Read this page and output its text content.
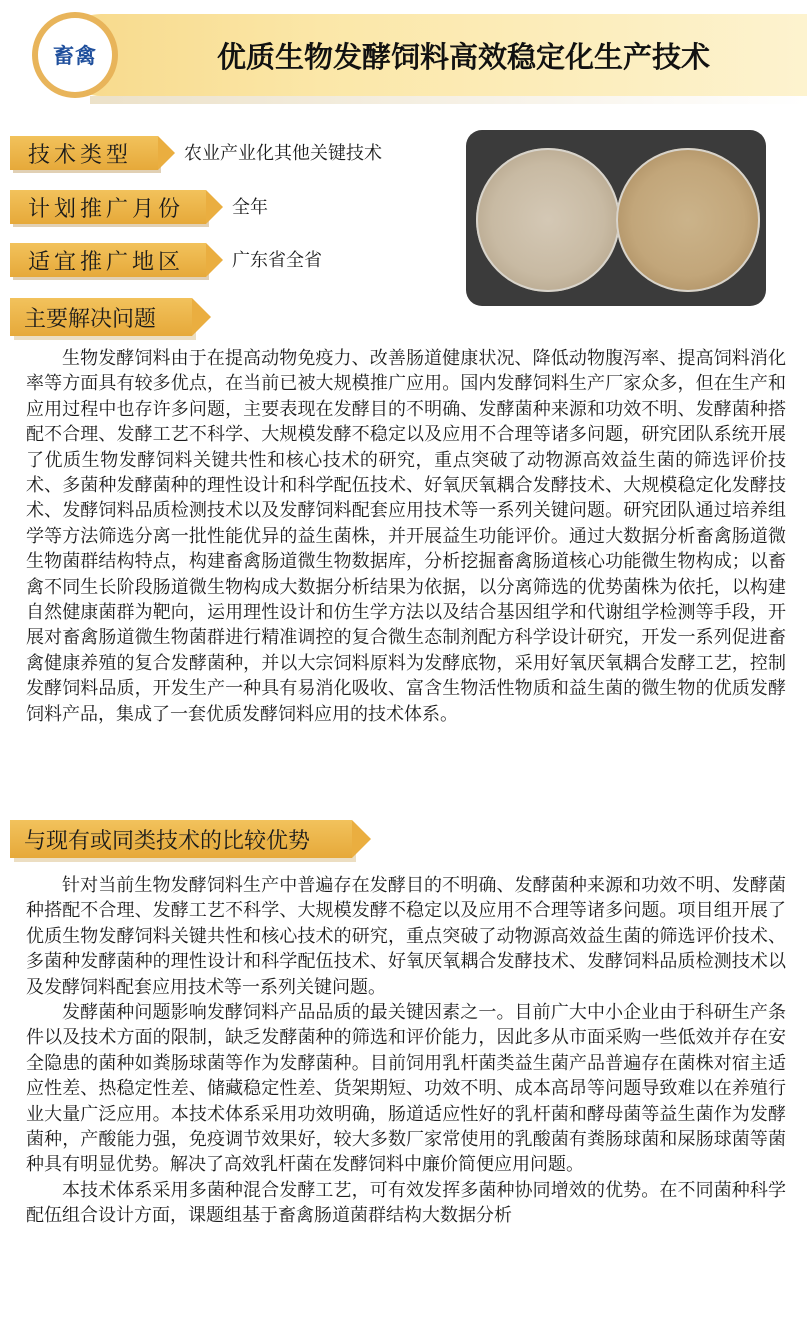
畜禽	优质生物发酵饲料高效稳定化生产技术
技术类型	农业产业化其他关键技术
计划推广月份	全年
适宜推广地区	广东省全省
主要解决问题

生物发酵饲料由于在提高动物免疫力、改善肠道健康状况、降低动物腹泻率、提高饲料消化率等方面具有较多优点，在当前已被大规模推广应用。国内发酵饲料生产厂家众多，但在生产和应用过程中也存许多问题，主要表现在发酵目的不明确、发酵菌种来源和功效不明、发酵菌种搭配不合理、发酵工艺不科学、大规模发酵不稳定以及应用不合理等诸多问题，研究团队系统开展了优质生物发酵饲料关键共性和核心技术的研究，重点突破了动物源高效益生菌的筛选评价技术、多菌种发酵菌种的理性设计和科学配伍技术、好氧厌氧耦合发酵技术、大规模稳定化发酵技术、发酵饲料品质检测技术以及发酵饲料配套应用技术等一系列关键问题。研究团队通过培养组学等方法筛选分离一批性能优异的益生菌株，并开展益生功能评价。通过大数据分析畜禽肠道微生物菌群结构特点，构建畜禽肠道微生物数据库，分析挖掘畜禽肠道核心功能微生物构成；以畜禽不同生长阶段肠道微生物构成大数据分析结果为依据，以分离筛选的优势菌株为依托，以构建自然健康菌群为靶向，运用理性设计和仿生学方法以及结合基因组学和代谢组学检测等手段，开展对畜禽肠道微生物菌群进行精准调控的复合微生态制剂配方科学设计研究，开发一系列促进畜禽健康养殖的复合发酵菌种，并以大宗饲料原料为发酵底物，采用好氧厌氧耦合发酵工艺，控制发酵饲料品质，开发生产一种具有易消化吸收、富含生物活性物质和益生菌的微生物的优质发酵饲料产品，集成了一套优质发酵饲料应用的技术体系。

与现有或同类技术的比较优势

针对当前生物发酵饲料生产中普遍存在发酵目的不明确、发酵菌种来源和功效不明、发酵菌种搭配不合理、发酵工艺不科学、大规模发酵不稳定以及应用不合理等诸多问题。项目组开展了优质生物发酵饲料关键共性和核心技术的研究，重点突破了动物源高效益生菌的筛选评价技术、多菌种发酵菌种的理性设计和科学配伍技术、好氧厌氧耦合发酵技术、发酵饲料品质检测技术以及发酵饲料配套应用技术等一系列关键问题。

发酵菌种问题影响发酵饲料产品品质的最关键因素之一。目前广大中小企业由于科研生产条件以及技术方面的限制，缺乏发酵菌种的筛选和评价能力，因此多从市面采购一些低效并存在安全隐患的菌种如粪肠球菌等作为发酵菌种。目前饲用乳杆菌类益生菌产品普遍存在菌株对宿主适应性差、热稳定性差、储藏稳定性差、货架期短、功效不明、成本高昂等问题导致难以在养殖行业大量广泛应用。本技术体系采用功效明确，肠道适应性好的乳杆菌和酵母菌等益生菌作为发酵菌种，产酸能力强，免疫调节效果好，较大多数厂家常使用的乳酸菌有粪肠球菌和屎肠球菌等菌种具有明显优势。解决了高效乳杆菌在发酵饲料中廉价简便应用问题。

本技术体系采用多菌种混合发酵工艺，可有效发挥多菌种协同增效的优势。在不同菌种科学配伍组合设计方面，课题组基于畜禽肠道菌群结构大数据分析
